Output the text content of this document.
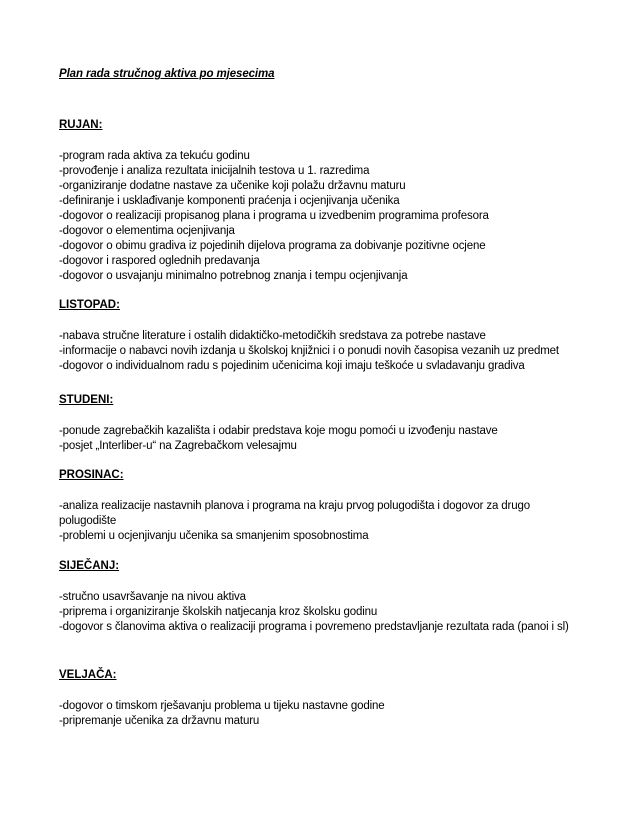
Plan rada stručnog aktiva po mjesecima
RUJAN:
-program rada aktiva za tekuću godinu
-provođenje i analiza rezultata inicijalnih testova u 1. razredima
-organiziranje dodatne nastave za učenike koji polažu državnu maturu
-definiranje i usklađivanje komponenti praćenja i ocjenjivanja učenika
-dogovor o realizaciji propisanog plana i programa u izvedbenim programima profesora
-dogovor o elementima ocjenjivanja
-dogovor o obimu gradiva iz pojedinih dijelova programa za dobivanje pozitivne ocjene
-dogovor i raspored oglednih predavanja
-dogovor o usvajanju minimalno potrebnog znanja i tempu ocjenjivanja
LISTOPAD:
-nabava stručne literature i ostalih didaktičko-metodičkih sredstava za potrebe nastave
-informacije o nabavci novih izdanja u školskoj knjižnici i o ponudi novih časopisa vezanih uz predmet
-dogovor o individualnom radu s pojedinim učenicima koji imaju teškoće u svladavanju gradiva
STUDENI:
-ponude zagrebačkih kazališta i odabir predstava koje mogu pomoći u izvođenju nastave
-posjet „Interliber-u“ na Zagrebačkom velesajmu
PROSINAC:
-analiza realizacije nastavnih planova i programa na kraju prvog polugodišta i dogovor za drugo polugodište
-problemi u ocjenjivanju učenika sa smanjenim sposobnostima
SIJEČANJ:
-stručno usavršavanje na nivou aktiva
-priprema i organiziranje školskih natjecanja kroz školsku godinu
-dogovor s članovima aktiva o realizaciji programa i povremeno predstavljanje rezultata rada (panoi i sl)
VELJAČA:
-dogovor o timskom rješavanju problema u tijeku nastavne godine
-pripremanje učenika za državnu maturu
